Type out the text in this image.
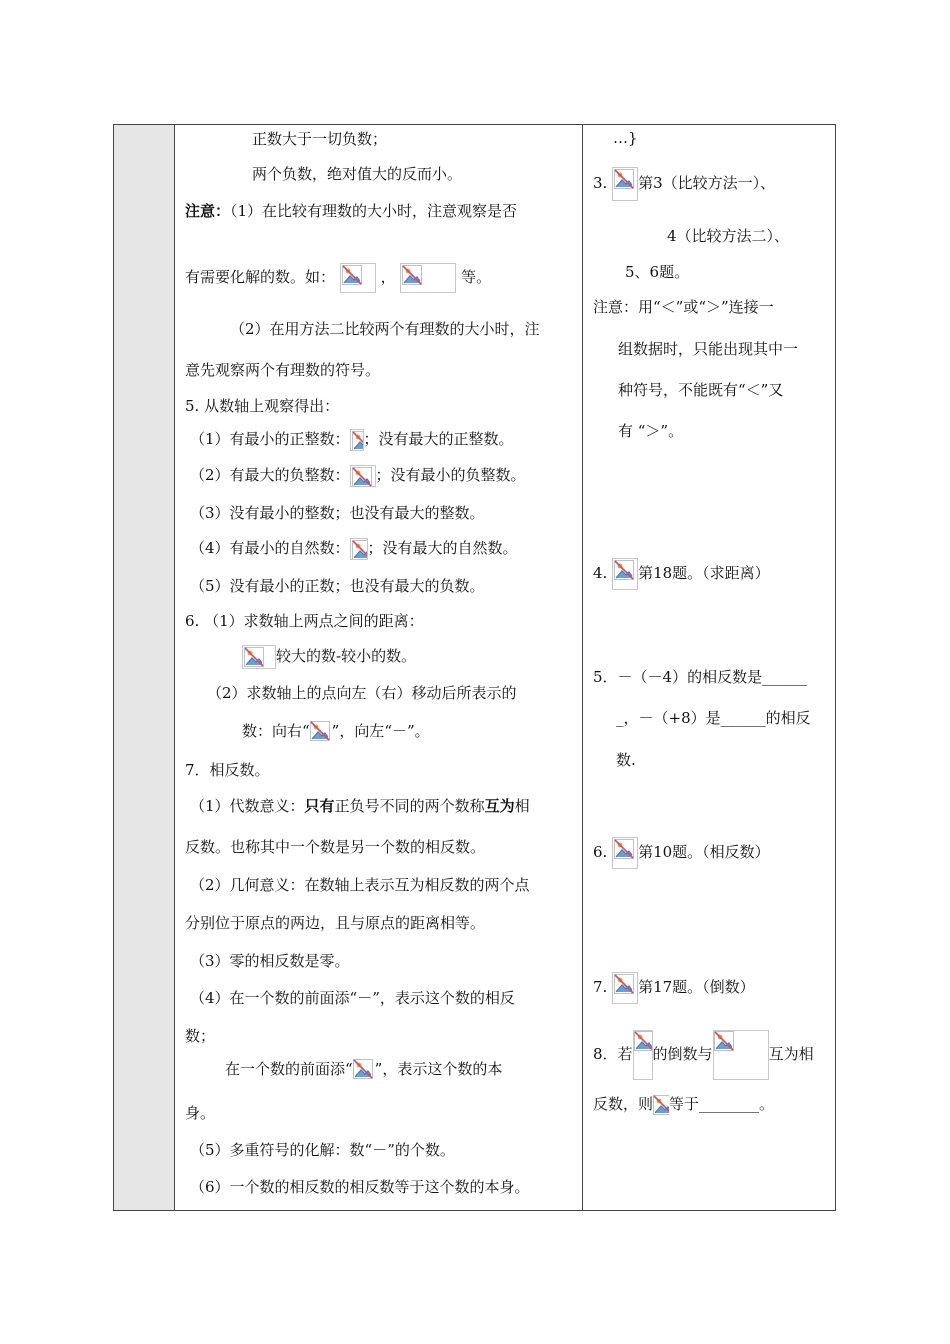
正数大于一切负数；
两个负数，绝对值大的反而小。
注意：（1）在比较有理数的大小时，注意观察是否
有需要化解的数。如：	，	等。
（2）在用方法二比较两个有理数的大小时，注
意先观察两个有理数的符号。
5. 从数轴上观察得出：
（1）有最小的正整数： ；没有最大的正整数。
（2）有最大的负整数： ；没有最小的负整数。
（3）没有最小的整数；也没有最大的整数。
（4）有最小的自然数： ；没有最大的自然数。
（5）没有最小的正数；也没有最大的负数。
6. （1）求数轴上两点之间的距离：
较大的数-较小的数。
（2）求数轴上的点向左（右）移动后所表示的
数：向右“ ”，向左“－”。
7．相反数。
（1）代数意义：只有正负号不同的两个数称互为相
反数。也称其中一个数是另一个数的相反数。
（2）几何意义：在数轴上表示互为相反数的两个点
分别位于原点的两边，且与原点的距离相等。
（3）零的相反数是零。
（4）在一个数的前面添“－”，表示这个数的相反
数；
在一个数的前面添“ ”，表示这个数的本
身。
（5）多重符号的化解：数“－”的个数。
（6）一个数的相反数的相反数等于这个数的本身。
…}
3. 第3（比较方法一）、
4（比较方法二）、
5、6题。
注意：用“＜”或“＞”连接一
组数据时，只能出现其中一
种符号，不能既有“＜”又
有 “＞”。
4. 第18题。（求距离）
5．－（－4）的相反数是______
_，－（+8）是______的相反
数.
6. 第10题。（相反数）
7. 第17题。（倒数）
8．若 的倒数与	互为相
反数，则 等于________。
